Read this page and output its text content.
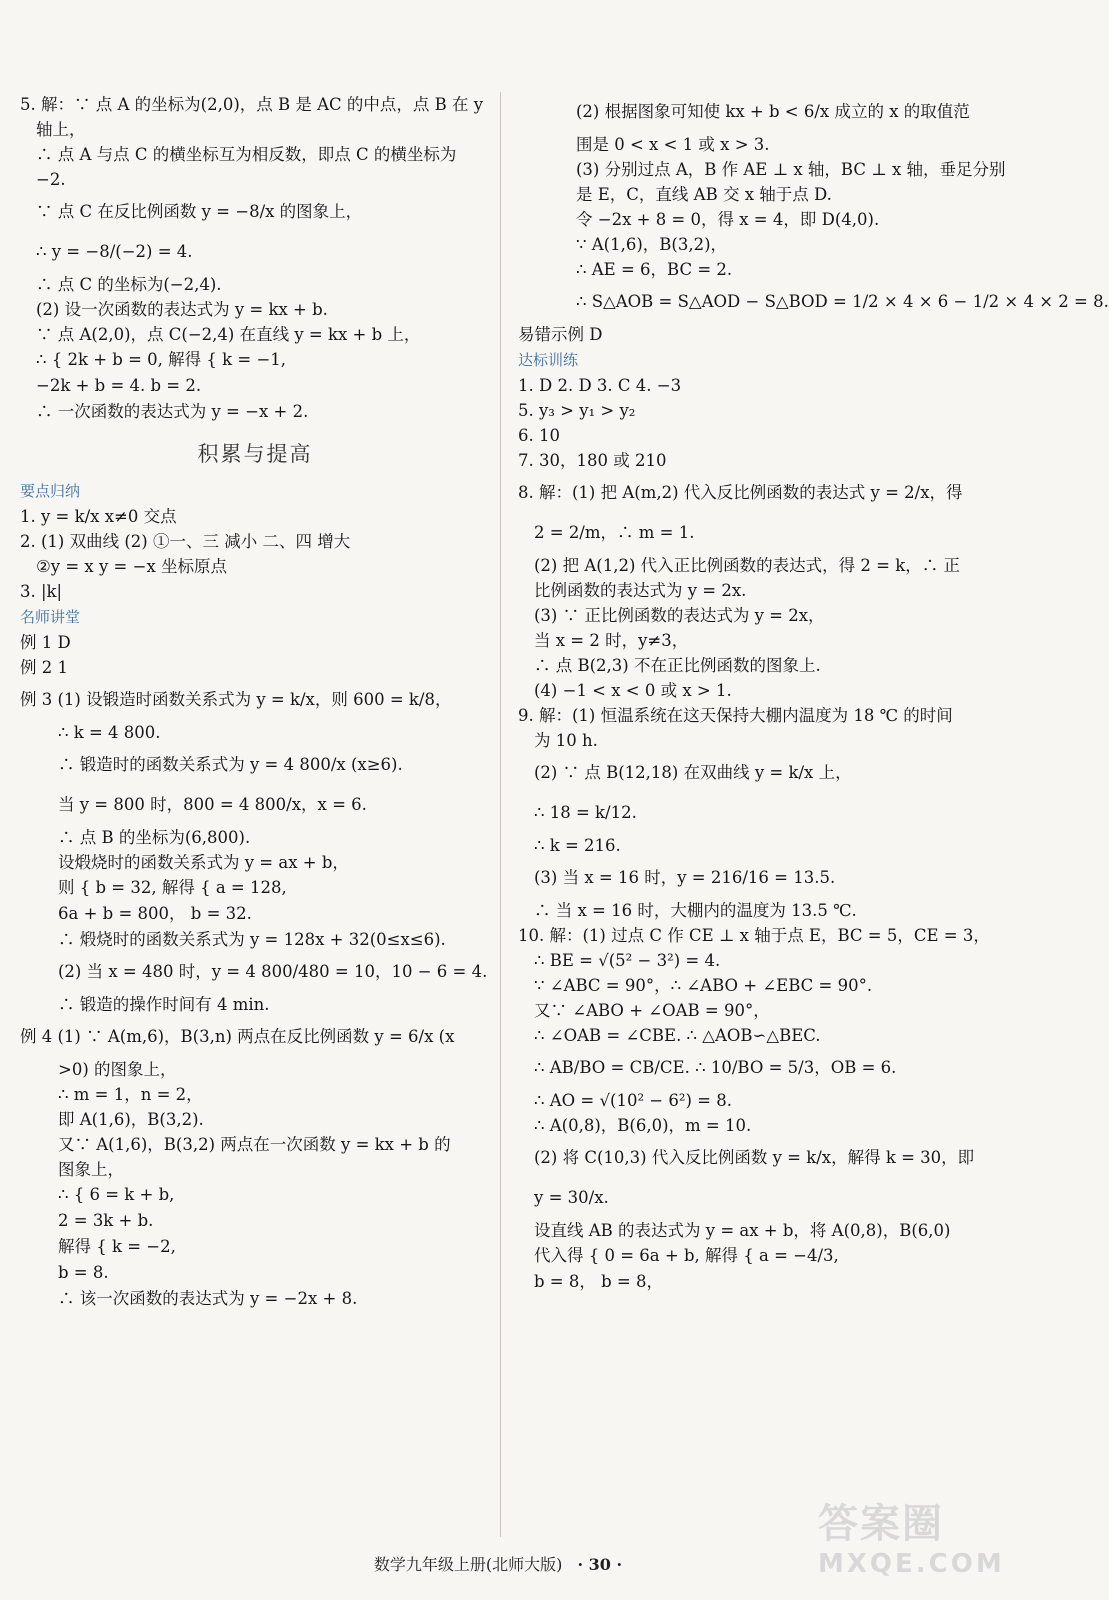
5. 解：∵ 点 A 的坐标为(2,0)，点 B 是 AC 的中点，点 B 在 y
轴上，
∴ 点 A 与点 C 的横坐标互为相反数，即点 C 的横坐标为
−2.
∵ 点 C 在反比例函数 y = −8/x 的图象上，
∴ y = −8/(−2) = 4.
∴ 点 C 的坐标为(−2,4).
(2) 设一次函数的表达式为 y = kx + b.
∵ 点 A(2,0)，点 C(−2,4) 在直线 y = kx + b 上，
∴ { 2k + b = 0, 解得 { k = −1,
−2k + b = 4. b = 2.
∴ 一次函数的表达式为 y = −x + 2.
积累与提高
要点归纳
1. y = k/x x≠0 交点
2. (1) 双曲线 (2) ①一、三 减小 二、四 增大
②y = x y = −x 坐标原点
3. |k|
名师讲堂
例 1 D
例 2 1
例 3 (1) 设锻造时函数关系式为 y = k/x，则 600 = k/8，
∴ k = 4 800.
∴ 锻造时的函数关系式为 y = 4 800/x (x≥6).
当 y = 800 时，800 = 4 800/x，x = 6.
∴ 点 B 的坐标为(6,800).
设煅烧时的函数关系式为 y = ax + b，
则 { b = 32, 解得 { a = 128,
6a + b = 800， b = 32.
∴ 煅烧时的函数关系式为 y = 128x + 32(0≤x≤6).
(2) 当 x = 480 时，y = 4 800/480 = 10，10 − 6 = 4.
∴ 锻造的操作时间有 4 min.
例 4 (1) ∵ A(m,6)，B(3,n) 两点在反比例函数 y = 6/x (x
>0) 的图象上，
∴ m = 1，n = 2，
即 A(1,6)，B(3,2).
又∵ A(1,6)，B(3,2) 两点在一次函数 y = kx + b 的
图象上，
∴ { 6 = k + b,
2 = 3k + b.
解得 { k = −2,
b = 8.
∴ 该一次函数的表达式为 y = −2x + 8.
(2) 根据图象可知使 kx + b < 6/x 成立的 x 的取值范
围是 0 < x < 1 或 x > 3.
(3) 分别过点 A，B 作 AE ⊥ x 轴，BC ⊥ x 轴，垂足分别
是 E，C，直线 AB 交 x 轴于点 D.
令 −2x + 8 = 0，得 x = 4，即 D(4,0).
∵ A(1,6)，B(3,2)，
∴ AE = 6，BC = 2.
∴ S△AOB = S△AOD − S△BOD = 1/2 × 4 × 6 − 1/2 × 4 × 2 = 8.
易错示例 D
达标训练
1. D 2. D 3. C 4. −3
5. y₃ > y₁ > y₂
6. 10
7. 30，180 或 210
8. 解：(1) 把 A(m,2) 代入反比例函数的表达式 y = 2/x，得
2 = 2/m，∴ m = 1.
(2) 把 A(1,2) 代入正比例函数的表达式，得 2 = k，∴ 正
比例函数的表达式为 y = 2x.
(3) ∵ 正比例函数的表达式为 y = 2x，
当 x = 2 时，y≠3，
∴ 点 B(2,3) 不在正比例函数的图象上.
(4) −1 < x < 0 或 x > 1.
9. 解：(1) 恒温系统在这天保持大棚内温度为 18 ℃ 的时间
为 10 h.
(2) ∵ 点 B(12,18) 在双曲线 y = k/x 上，
∴ 18 = k/12.
∴ k = 216.
(3) 当 x = 16 时，y = 216/16 = 13.5.
∴ 当 x = 16 时，大棚内的温度为 13.5 ℃.
10. 解：(1) 过点 C 作 CE ⊥ x 轴于点 E，BC = 5，CE = 3，
∴ BE = √(5² − 3²) = 4.
∵ ∠ABC = 90°，∴ ∠ABO + ∠EBC = 90°.
又∵ ∠ABO + ∠OAB = 90°，
∴ ∠OAB = ∠CBE. ∴ △AOB∽△BEC.
∴ AB/BO = CB/CE. ∴ 10/BO = 5/3，OB = 6.
∴ AO = √(10² − 6²) = 8.
∴ A(0,8)，B(6,0)，m = 10.
(2) 将 C(10,3) 代入反比例函数 y = k/x，解得 k = 30，即
y = 30/x.
设直线 AB 的表达式为 y = ax + b，将 A(0,8)，B(6,0)
代入得 { 0 = 6a + b, 解得 { a = −4/3,
b = 8， b = 8，
数学九年级上册(北师大版) · 30 ·
答案圈
MXQE.COM
